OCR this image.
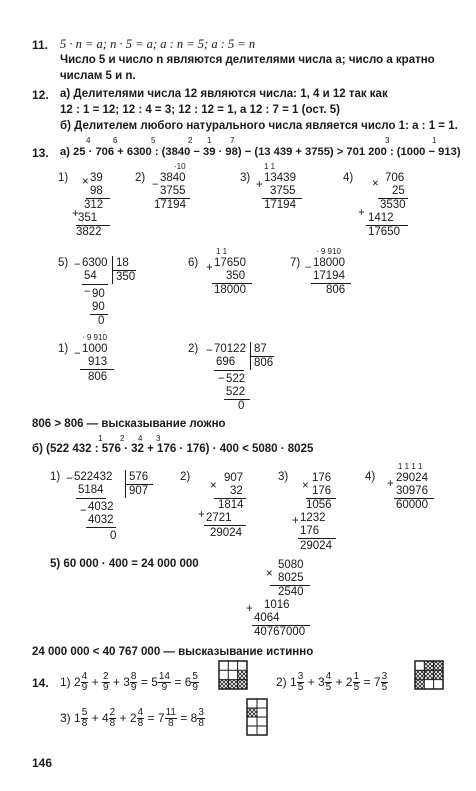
11. 5 · n = a; n · 5 = a; a : n = 5; a : 5 = n
Число 5 и число n являются делителями числа a; число a кратно
числам 5 и n.
12. а) Делителями числа 12 являются числа: 1, 4 и 12 так как
12 : 1 = 12; 12 : 4 = 3; 12 : 12 = 1, а 12 : 7 = 1 (ост. 5)
б) Делителем любого натурального числа является число 1: a : 1 = 1.
13. а) 25 · 706 + 6300 : (3840 − 39 · 98) − (13 439 + 3755) > 701 200 : (1000 − 913)
4	6	5	2 1 7	3	1
1) × 39
98
312
+ 351
3822
2)
·10
−
3840
3755
17194
3)
1 1
+
13439
3755
17194
4) × 706
25
3530
+ 1412
17650
5) − 6300 18
350
54
− 90
90
0
6)
1 1
+ 17650
350
18000
7)
· 9 910
− 18000
17194
806
1)
· 9 910
− 1000
913
806
2) − 70122 87
806
696
− 522
522
0
806 > 806 — высказывание ложно
б) (522 432 : 576 · 32 + 176 · 176) · 400 < 5080 · 8025
1 2 4 3
1) − 522432 576
907
5184
− 4032
4032
0
2)
×
907
32
1814
+ 2721
29024
3)
×
176
176
1056
+ 1232
176
29024
4)
1 1 1 1
+ 29024
30976
60000
5) 60 000 · 400 = 24 000 000
×
5080
8025
2540
+ 1016
4064
40767000
24 000 000 < 40 767 000 — высказывание истинно
14. 1) $2 \frac{4}{9} + \frac{2}{9} + 3 \frac{8}{9} = 5 \frac{14}{9} = 6 \frac{5}{9}$	2) $1 \frac{3}{5} + 3 \frac{4}{5} + 2 \frac{1}{5} = 7 \frac{3}{5}$
3) $1 \frac{5}{8} + 4 \frac{2}{8} + 2 \frac{4}{8} = 7 \frac{11}{8} = 8 \frac{3}{8}$
146
